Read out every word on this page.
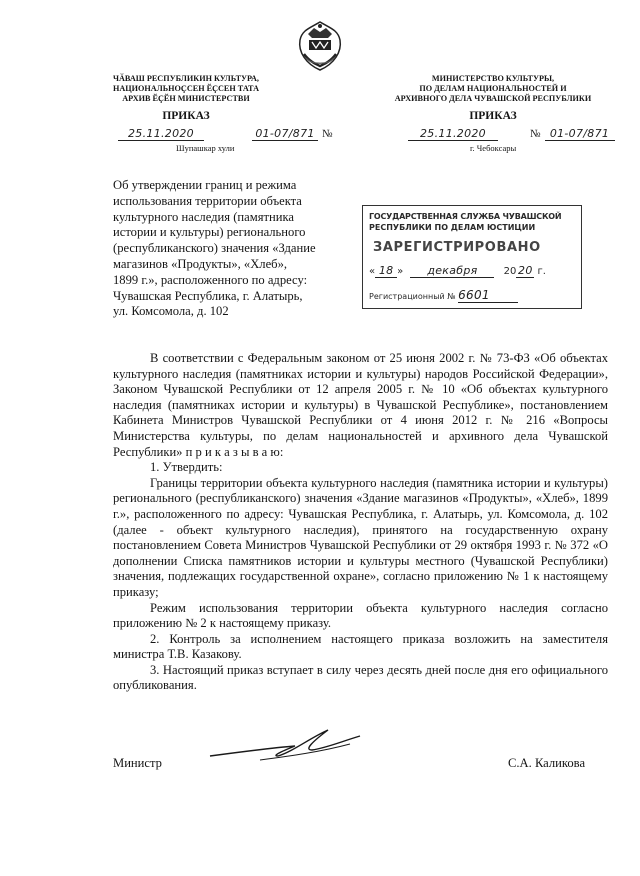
ЧӐВАШ РЕСПУБЛИКИН КУЛЬТУРА,
НАЦИОНАЛЬНОҪСЕН ӖҪСЕН ТАТА
АРХИВ ӖҪӖН МИНИСТЕРСТВИ
ПРИКАЗ
25.11.2020	01-07/871 №
Шупашкар хули
МИНИСТЕРСТВО КУЛЬТУРЫ,
ПО ДЕЛАМ НАЦИОНАЛЬНОСТЕЙ И
АРХИВНОГО ДЕЛА ЧУВАШСКОЙ РЕСПУБЛИКИ
ПРИКАЗ
25.11.2020	№ 01-07/871
г. Чебоксары
Об утверждении границ и режима
использования территории объекта
культурного наследия (памятника
истории и культуры) регионального
(республиканского) значения «Здание
магазинов «Продукты», «Хлеб»,
1899 г.», расположенного по адресу:
Чувашская Республика, г. Алатырь,
ул. Комсомола, д. 102
ГОСУДАРСТВЕННАЯ СЛУЖБА ЧУВАШСКОЙ
РЕСПУБЛИКИ ПО ДЕЛАМ ЮСТИЦИИ
ЗАРЕГИСТРИРОВАНО
« 18 » декабря	20 20 г.
Регистрационный № 6601

В соответствии с Федеральным законом от 25 июня 2002 г. № 73-ФЗ «Об объектах культурного наследия (памятниках истории и культуры) народов Российской Федерации», Законом Чувашской Республики от 12 апреля 2005 г. № 10 «Об объектах культурного наследия (памятниках истории и культуры) в Чувашской Республике», постановлением Кабинета Министров Чувашской Республики от 4 июня 2012 г. № 216 «Вопросы Министерства культуры, по делам национальностей и архивного дела Чувашской Республики» п р и к а з ы в а ю:

1. Утвердить:

Границы территории объекта культурного наследия (памятника истории и культуры) регионального (республиканского) значения «Здание магазинов «Продукты», «Хлеб», 1899 г.», расположенного по адресу: Чувашская Республика, г. Алатырь, ул. Комсомола, д. 102 (далее - объект культурного наследия), принятого на государственную охрану постановлением Совета Министров Чувашской Республики от 29 октября 1993 г. № 372 «О дополнении Списка памятников истории и культуры местного (Чувашской Республики) значения, подлежащих государственной охране», согласно приложению № 1 к настоящему приказу;

Режим использования территории объекта культурного наследия согласно приложению № 2 к настоящему приказу.

2. Контроль за исполнением настоящего приказа возложить на заместителя министра Т.В. Казакову.

3. Настоящий приказ вступает в силу через десять дней после дня его официального опубликования.

Министр	С.А. Каликова
